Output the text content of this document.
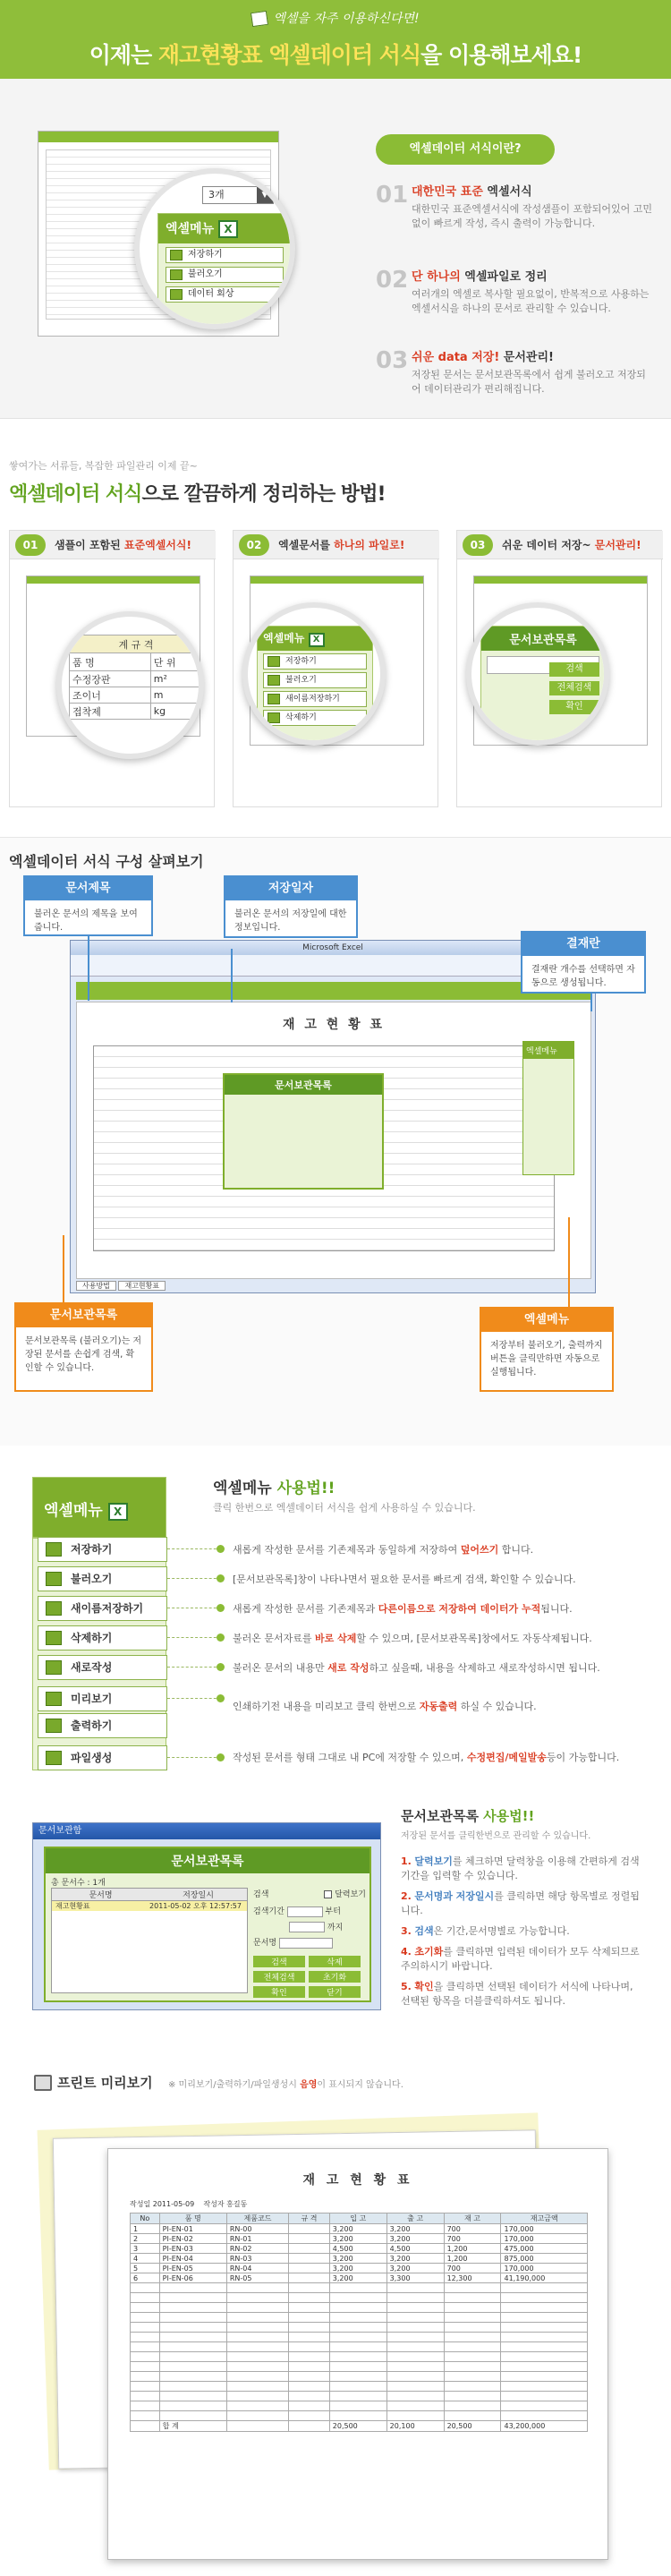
엑셀을 자주 이용하신다면!
이제는 재고현황표 엑셀데이터 서식을 이용해보세요!
3개	▼
엑셀메뉴 X
저장하기
불러오기
데이터 회상
엑셀데이터 서식이란?
01 대한민국 표준 엑셀서식
대한민국 표준엑셀서식에 작성샘플이 포함되어있어 고민없이 빠르게 작성, 즉시 출력이 가능합니다.
02 단 하나의 엑셀파일로 정리
여러개의 엑셀로 복사할 필요없이, 반복적으로 사용하는 엑셀서식을 하나의 문서로 관리할 수 있습니다.
03 쉬운 data 저장! 문서관리!
저장된 문서는 문서보관목록에서 쉽게 불러오고 저장되어 데이터관리가 편리해집니다.
쌓여가는 서류들, 복잡한 파일관리 이제 끝~
엑셀데이터 서식으로 깔끔하게 정리하는 방법!
01	샘플이 포함된 표준엑셀서식!
계 규 격	
품 명	단 위
수정장판	m²
조이너	m
접착제	kg
02	엑셀문서를 하나의 파일로!
엑셀메뉴 X
저장하기
불러오기
새이름저장하기
삭제하기
03	쉬운 데이터 저장~ 문서관리!
문서보관목록
검색
전체검색
확인
엑셀데이터 서식 구성 살펴보기
Microsoft Excel
재 고 현 황 표
문서보관목록
엑셀메뉴
사용방법 재고현황표
문서제목
불러온 문서의 제목을 보여줍니다.
저장일자
불러온 문서의 저장일에 대한 정보입니다.
결재란
결재란 개수를 선택하면 자동으로 생성됩니다.
문서보관목록
문서보관목록 (불러오기)는 저장된 문서를 손쉽게 검색, 확인할 수 있습니다.
엑셀메뉴
저장부터 불러오기, 출력까지 버튼을 클릭만하면 자동으로 실행됩니다.
엑셀메뉴 X
엑셀메뉴 사용법!!
클릭 한번으로 엑셀데이터 서식을 쉽게 사용하실 수 있습니다.
저장하기	새롭게 작성한 문서를 기존제목과 동일하게 저장하여 덮어쓰기 합니다.
불러오기	[문서보관목록]창이 나타나면서 필요한 문서를 빠르게 검색, 확인할 수 있습니다.
새이름저장하기	새롭게 작성한 문서를 기존제목과 다른이름으로 저장하여 데이터가 누적됩니다.
삭제하기	불러온 문서자료를 바로 삭제할 수 있으며, [문서보관목록]창에서도 자동삭제됩니다.
새로작성	불러온 문서의 내용만 새로 작성하고 싶을때, 내용을 삭제하고 새로작성하시면 됩니다.
미리보기
인쇄하기전 내용을 미리보고 클릭 한번으로 자동출력 하실 수 있습니다.
출력하기
파일생성	작성된 문서를 형태 그대로 내 PC에 저장할 수 있으며, 수정편집/메일발송등이 가능합니다.
문서보관함
문서보관목록
총 문서수 : 1개
문서명	저장일시
재고현황표	2011-05-02 오후 12:57:57
검색	달력보기
검색기간	부터
까지
문서명
검색	삭제
전체검색	초기화
확인	닫기
문서보관목록 사용법!!
저장된 문서를 클릭한번으로 관리할 수 있습니다.
1. 달력보기를 체크하면 달력창을 이용해 간편하게 검색기간을 입력할 수 있습니다.
2. 문서명과 저장일시를 클릭하면 해당 항목별로 정렬됩니다.
3. 검색은 기간,문서명별로 가능합니다.
4. 초기화를 클릭하면 입력된 데이터가 모두 삭제되므로 주의하시기 바랍니다.
5. 확인을 클릭하면 선택된 데이터가 서식에 나타나며, 선택된 항목을 더블클릭하셔도 됩니다.
프린트 미리보기 ※ 미리보기/출력하기/파일생성시 음영이 표시되지 않습니다.
재 고 현 황 표
작성일 2011-05-09 작성자 홍길동
No	품 명	제품코드	규 격	입 고	출 고	재 고	재고금액
1	PI-EN-01	RN-00		3,200	3,200	700	170,000
2	PI-EN-02	RN-01		3,200	3,200	700	170,000
3	PI-EN-03	RN-02		4,500	4,500	1,200	475,000
4	PI-EN-04	RN-03		3,200	3,200	1,200	875,000
5	PI-EN-05	RN-04		3,200	3,200	700	170,000
6	PI-EN-06	RN-05		3,200	3,300	12,300	41,190,000

	합 계			20,500	20,100	20,500	43,200,000
